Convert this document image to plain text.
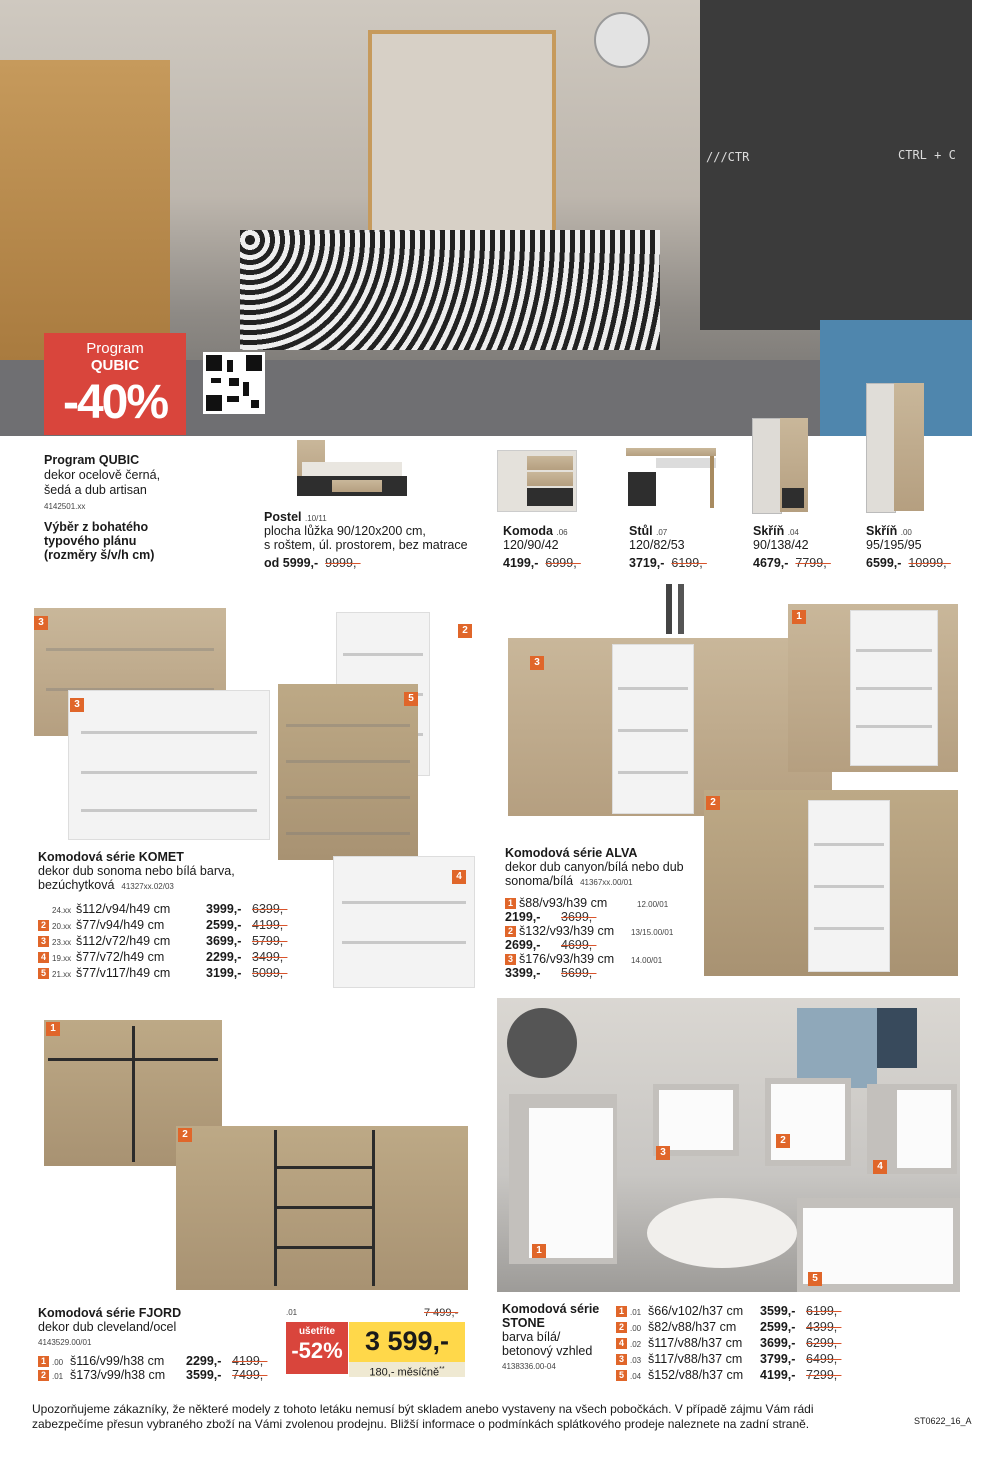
///CTR	CTRL + C
Program
QUBIC
-40%
Program QUBIC
dekor ocelově černá,
šedá a dub artisan
4142501.xx
Výběr z bohatého
typového plánu
(rozměry š/v/h cm)
Postel .10/11
plocha lůžka 90/120x200 cm,
s roštem, úl. prostorem, bez matrace
od 5999,- 9999,-
Komoda .06
120/90/42
4199,- 6999,-
Stůl .07
120/82/53
3719,- 6199,-
Skříň .04
90/138/42
4679,- 7799,-
Skříň .00
95/195/95
6599,- 10999,-
3
2
3
5
4
Komodová série KOMET
dekor dub sonoma nebo bílá barva,
bezúchytková 41327xx.02/03
24.xx š112/v94/h49 cm	3999,- 6399,-
2 20.xx š77/v94/h49 cm	2599,- 4199,-
3 23.xx š112/v72/h49 cm	3699,- 5799,-
4 19.xx š77/v72/h49 cm	2299,- 3499,-
5 21.xx š77/v117/h49 cm	3199,- 5099,-
3
1
2
Komodová série ALVA
dekor dub canyon/bílá nebo dub
sonoma/bílá 41367xx.00/01
1 š88/v93/h39 cm	12.00/01
2199,- 3699,-
2 š132/v93/h39 cm 13/15.00/01
2699,- 4699,-
3 š176/v93/h39 cm 14.00/01
3399,- 5699,-
1
2
Komodová série FJORD
dekor dub cleveland/ocel
4143529.00/01
1 .00 š116/v99/h38 cm 2299,- 4199,-
2 .01 š173/v99/h38 cm 3599,- 7499,-
.01	7 499,-
ušetříte
-52% 3 599,-
180,- měsíčně**
3
2
4
1
5
Komodová série
STONE
barva bílá/
betonový vzhled
4138336.00-04
1 .01 š66/v102/h37 cm 3599,- 6199,-
2 .00 š82/v88/h37 cm 2599,- 4399,-
4 .02 š117/v88/h37 cm 3699,- 6299,-
3 .03 š117/v88/h37 cm 3799,- 6499,-
5 .04 š152/v88/h37 cm 4199,- 7299,-
Upozorňujeme zákazníky, že některé modely z tohoto letáku nemusí být skladem anebo vystaveny na všech pobočkách. V případě zájmu Vám rádi
zabezpečíme přesun vybraného zboží na Vámi zvolenou prodejnu. Bližší informace o podmínkách splátkového prodeje naleznete na zadní straně.	ST0622_16_A
